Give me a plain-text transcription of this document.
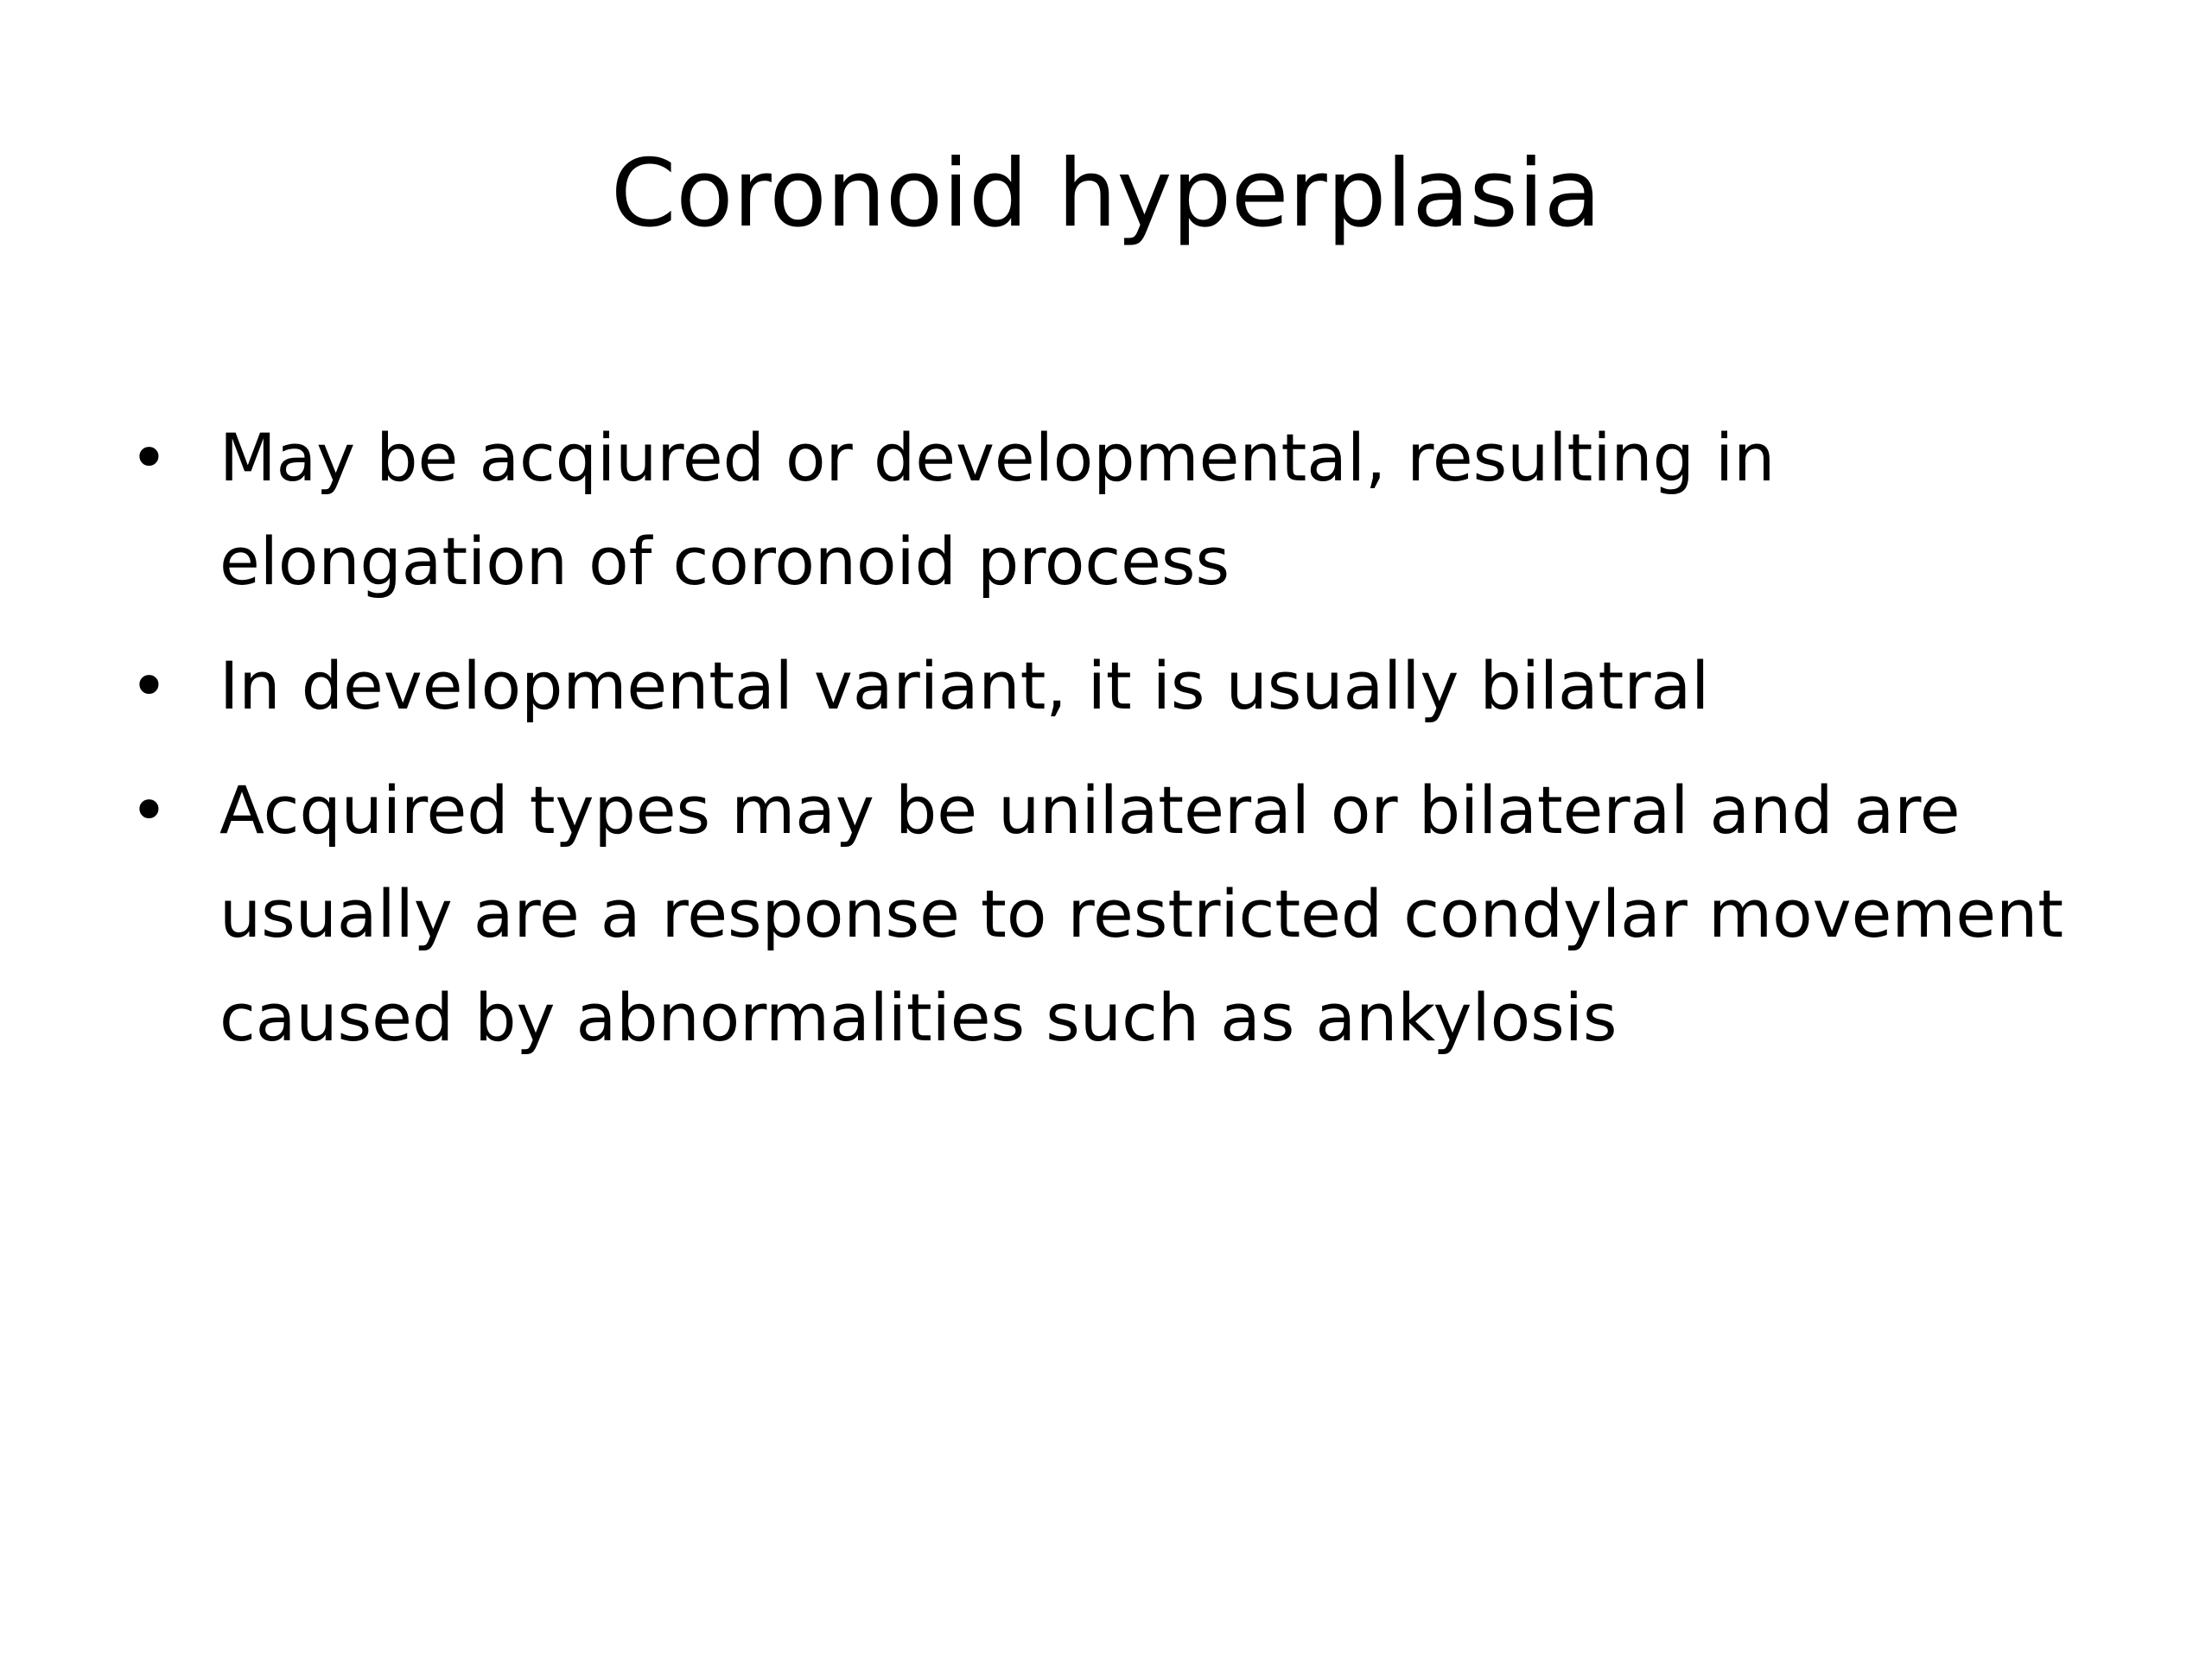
Coronoid hyperplasia
• May be acqiured or developmental, resulting in elongation of coronoid process
• In developmental variant, it is usually bilatral
• Acquired types may be unilateral or bilateral and are usually are a response to restricted condylar movement caused by abnormalities such as ankylosis
